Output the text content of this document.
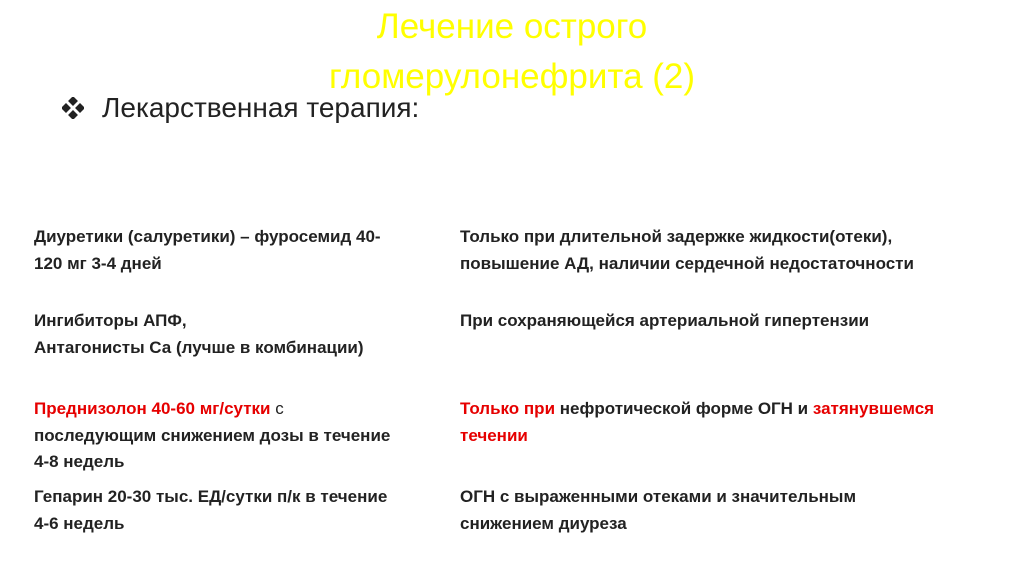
Лечение острого
гломерулонефрита (2)
Лекарственная терапия:
Диуретики (салуретики) – фуросемид 40-
120 мг 3-4 дней
Только при длительной задержке жидкости(отеки),
повышение АД, наличии сердечной недостаточности
Ингибиторы АПФ,
Антагонисты Са (лучше в комбинации)
При сохраняющейся артериальной гипертензии
Преднизолон 40-60 мг/сутки с
последующим снижением дозы в течение
4-8 недель
Только при нефротической форме ОГН и затянувшемся
течении
Гепарин 20-30 тыс. ЕД/сутки п/к в течение
4-6 недель
ОГН с выраженными отеками и значительным
снижением диуреза
